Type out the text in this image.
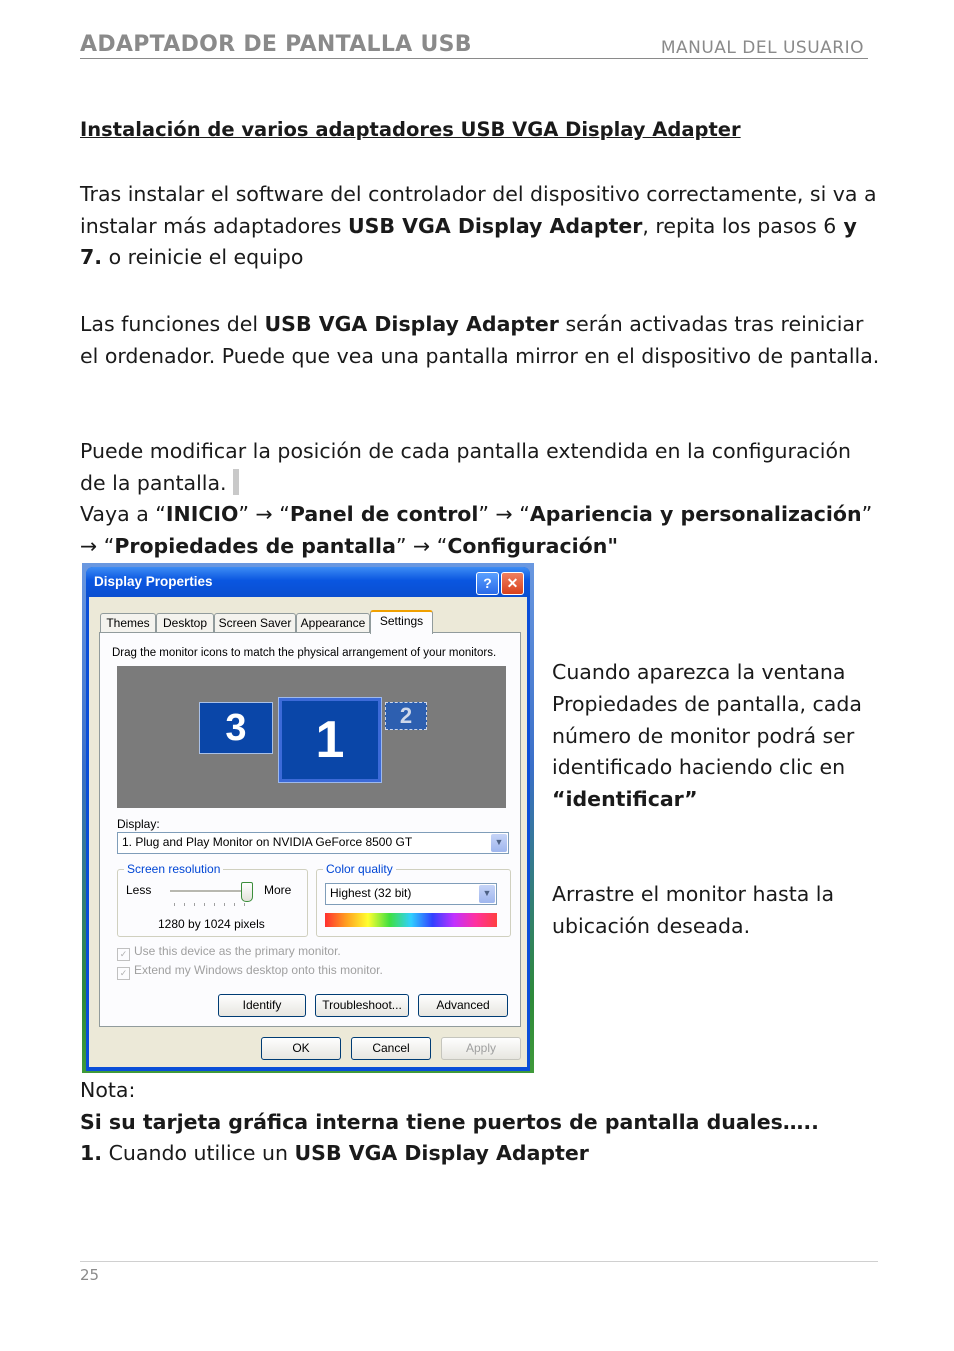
ADAPTADOR DE PANTALLA USB	MANUAL DEL USUARIO
Instalación de varios adaptadores USB VGA Display Adapter
Tras instalar el software del controlador del dispositivo correctamente, si va a instalar más adaptadores USB VGA Display Adapter, repita los pasos 6 y 7. o reinicie el equipo
Las funciones del USB VGA Display Adapter serán activadas tras reiniciar el ordenador. Puede que vea una pantalla mirror en el dispositivo de pantalla.
Puede modificar la posición de cada pantalla extendida en la configuración de la pantalla.
Vaya a “INICIO” → “Panel de control” → “Apariencia y personalización” → “Propiedades de pantalla” → “Configuración"
Display Properties	?	✕
Themes	Desktop Screen Saver Appearance	Settings
Drag the monitor icons to match the physical arrangement of your monitors.
3	1	2
Display:
1. Plug and Play Monitor on NVIDIA GeForce 8500 GT	▼
Screen resolution
Less	More
1280 by 1024 pixels
Color quality
Highest (32 bit)	▼
✓ Use this device as the primary monitor.
✓ Extend my Windows desktop onto this monitor.
Identify	Troubleshoot...	Advanced
OK	Cancel	Apply
Cuando aparezca la ventana Propiedades de pantalla, cada número de monitor podrá ser identificado haciendo clic en “identificar”
Arrastre el monitor hasta la ubicación deseada.
Nota:
Si su tarjeta gráfica interna tiene puertos de pantalla duales…..
1. Cuando utilice un USB VGA Display Adapter
25
